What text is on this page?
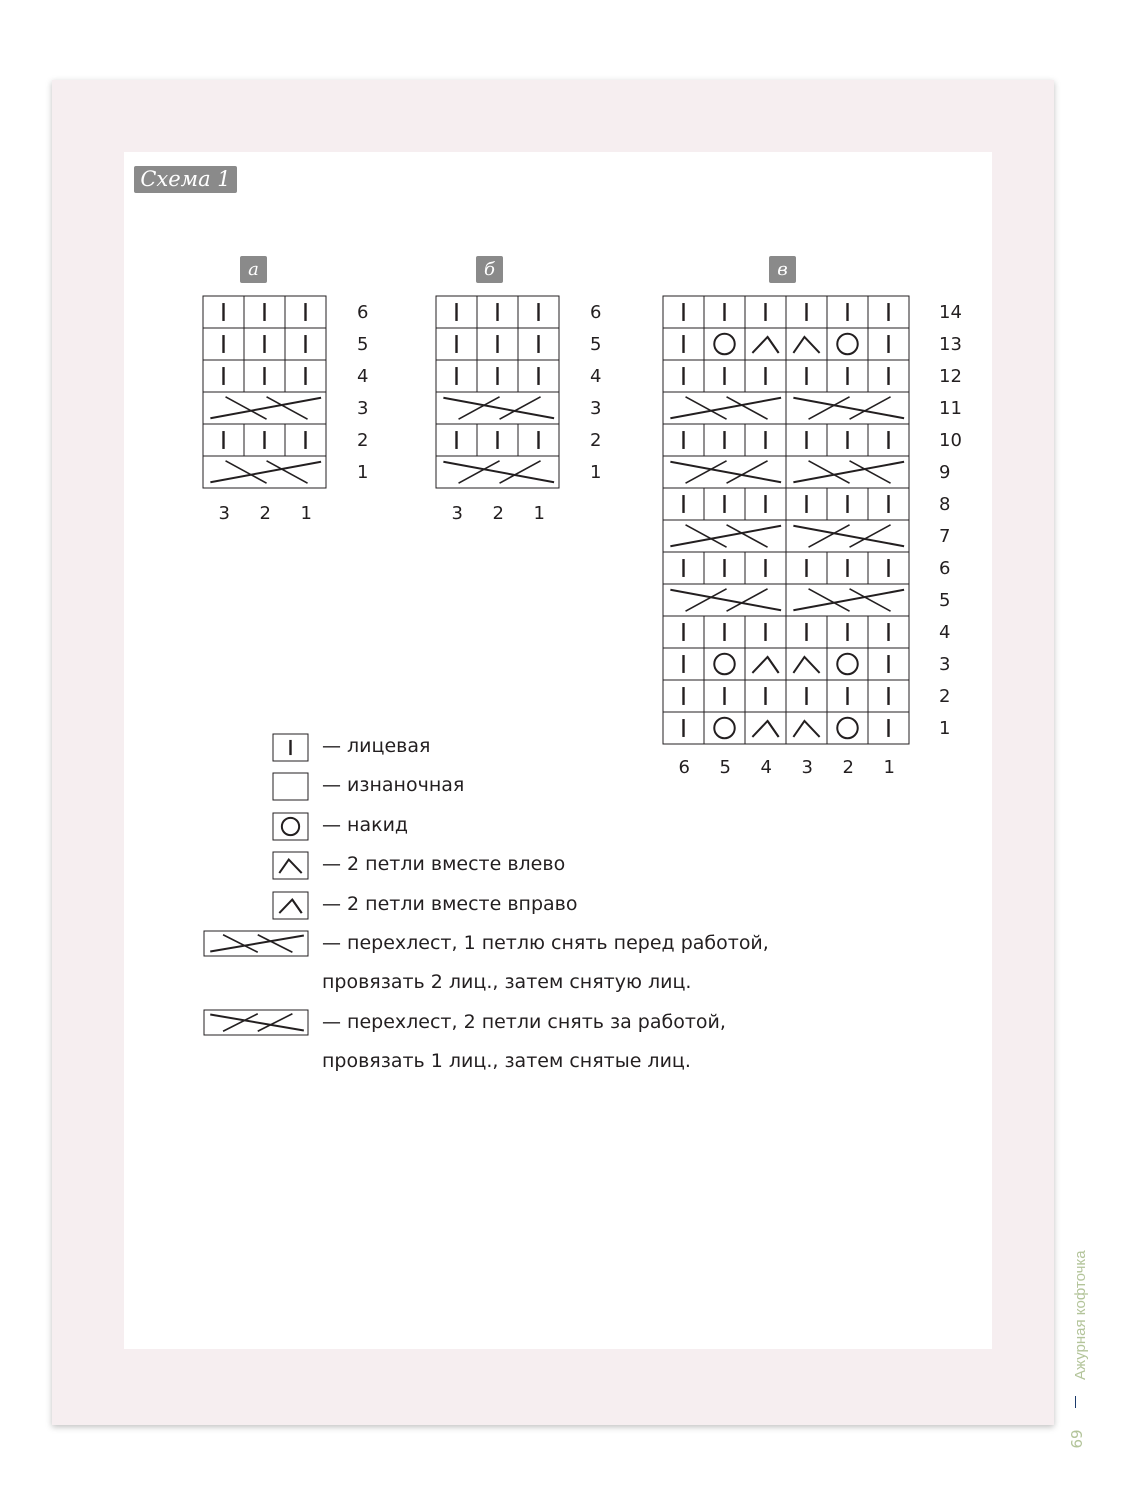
Схема 1
а	б	в
6
5
4
3
2
1
3 2 1
6
5
4
3
2
1
3 2 1
14
13
12
11
10
9
8
7
6
5
4
3
2
1
6 5 4 3 2 1
— лицевая
— изнаночная
— накид
— 2 петли вместе влево
— 2 петли вместе вправо
— перехлест, 1 петлю снять перед работой,
провязать 2 лиц., затем снятую лиц.
— перехлест, 2 петли снять за работой,
провязать 1 лиц., затем снятые лиц.
Ажурная кофточка
69
